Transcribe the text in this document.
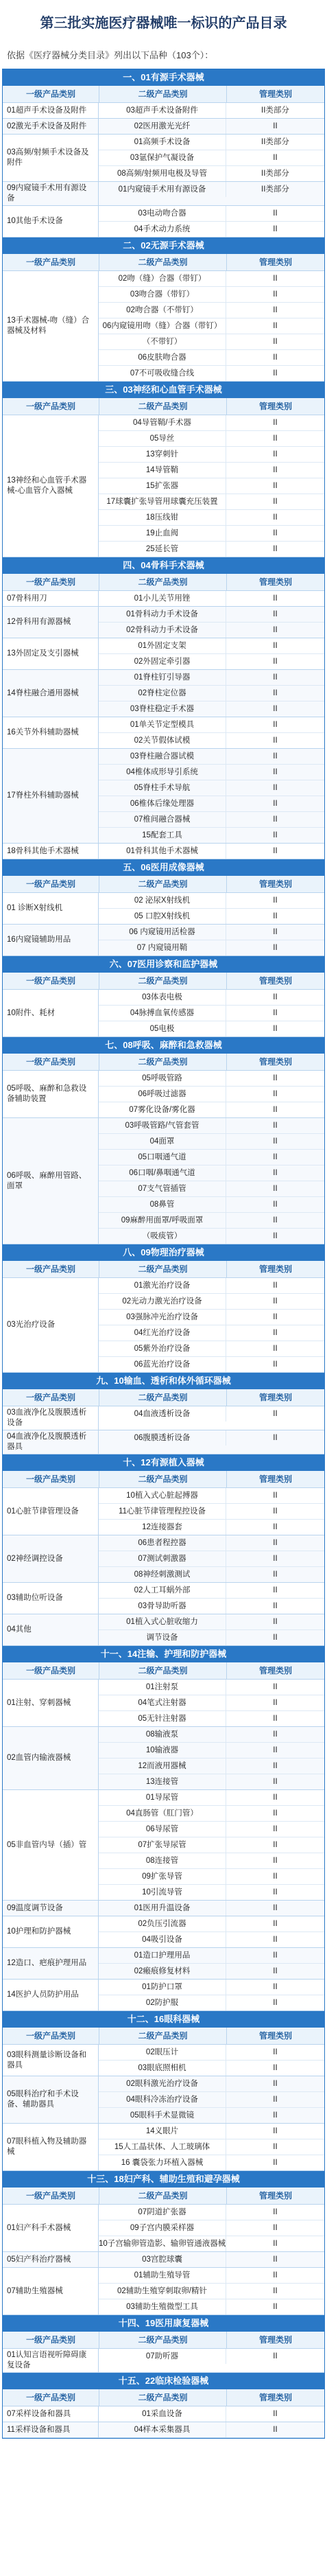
第三批实施医疗器械唯一标识的产品目录
依据《医疗器械分类目录》列出以下品种（103个）：
一、01有源手术器械
一级产品类别	二级产品类别	管理类别
01超声手术设备及附件	03超声手术设备附件	II类部分
02激光手术设备及附件	02医用激光光纤	II
03高频/射频手术设备及附件
01高频手术设备	II类部分
03氩保护气凝设备	II
08高频/射频用电极及导管	II类部分
09内窥镜手术用有源设备
01内窥镜手术用有源设备	II类部分
10其他手术设备
03电动吻合器	II
04手术动力系统	II
二、02无源手术器械
一级产品类别	二级产品类别	管理类别
13手术器械-吻（缝）合器械及材料
02吻（缝）合器（带钉）	II
03吻合器（带钉）	II
02吻合器（不带钉）	II
06内窥镜用吻（缝）合器（带钉）	II
（不带钉）	II
06皮肤吻合器	II
07不可吸收缝合线	II
三、03神经和心血管手术器械
一级产品类别	二级产品类别	管理类别
13神经和心血管手术器械-心血管介入器械
04导管鞘/手术器	II
05导丝	II
13穿刺针	II
14导管鞘	II
15扩张器	II
17球囊扩张导管用球囊充压装置	II
18压线钳	II
19止血阀	II
25延长管	II
四、04骨科手术器械
一级产品类别	二级产品类别	管理类别
07骨科用刀	01小儿关节用锉	II
12骨科用有源器械
01骨科动力手术设备	II
02骨科动力手术设备	II
13外固定及支引器械
01外固定支架	II
02外固定牵引器	II
14脊柱融合通用器械
01脊柱钉引导器	II
02脊柱定位器	II
03脊柱稳定手术器	II
16关节外科辅助器械
01单关节定型模具	II
02关节假体试模	II
17脊柱外科辅助器械
03脊柱融合器试模	II
04椎体成形导引系统	II
05脊柱手术导航	II
06椎体后缘处理器	II
07椎间融合器械	II
15配套工具	II
18骨科其他手术器械	01骨科其他手术器械	II
五、06医用成像器械
一级产品类别	二级产品类别	管理类别
01 诊断X射线机
02 泌尿X射线机	II
05 口腔X射线机	II
16内窥镜辅助用品
06 内窥镜用活检器	II
07 内窥镜用鞘	II
六、07医用诊察和监护器械
一级产品类别	二级产品类别	管理类别
10附件、耗材
03体表电极	II
04脉搏血氧传感器	II
05电极	II
七、08呼吸、麻醉和急救器械
一级产品类别	二级产品类别	管理类别
05呼吸、麻醉和急救设备辅助装置
05呼吸管路	II
06呼吸过滤器	II
07雾化设备/雾化器	II
06呼吸、麻醉用管路、面罩
03呼吸管路/气管套管	II
04面罩	II
05口咽通气道	II
06口咽/鼻咽通气道	II
07支气管插管	II
08鼻管	II
09麻醉用面罩/呼吸面罩	II
（吸痰管）	II
八、09物理治疗器械
一级产品类别	二级产品类别	管理类别
03光治疗设备
01激光治疗设备	II
02光动力激光治疗设备	II
03强脉冲光治疗设备	II
04红光治疗设备	II
05紫外治疗设备	II
06蓝光治疗设备	II
九、10输血、透析和体外循环器械
一级产品类别	二级产品类别	管理类别
03血液净化及腹膜透析设备
04血液透析设备	II
04血液净化及腹膜透析器具
06腹膜透析设备	II
十、12有源植入器械
一级产品类别	二级产品类别	管理类别
01心脏节律管理设备
10植入式心脏起搏器	II
11心脏节律管理程控设备	II
12连接器套	II
02神经调控设备
06患者程控器	II
07测试刺激器	II
08神经刺激测试	II
03辅助位听设备
02人工耳蜗外部	II
03骨导助听器	II
04其他
01植入式心脏收缩力	II
调节设备	II
十一、14注输、护理和防护器械
一级产品类别	二级产品类别	管理类别
01注射、穿刺器械
01注射泵	II
04笔式注射器	II
05无针注射器	II
02血管内输液器械
08输液泵	II
10输液器	II
12而液用器械	II
13连接管	II
05非血管内导（插）管
01导尿管	II
04直肠管（肛门管）	II
06导尿管	II
07扩张导尿管	II
08连接管	II
09扩张导管	II
10引流导管	II
09温度调节设备	01医用升温设备	II
10护理和防护器械
02负压引流器	II
04吸引设备	II
12造口、疤痕护理用品
01造口护理用品	II
02瘢痕修复材料	II
14医护人员防护用品
01防护口罩	II
02防护服	II
十二、16眼科器械
一级产品类别	二级产品类别	管理类别
03眼科测量诊断设备和器具
02眼压计	II
03眼底照相机	II
05眼科治疗和手术设备、辅助器具
02眼科激光治疗设备	II
04眼科冷冻治疗设备	II
05眼科手术显微镜	II
07眼科植入物及辅助器械
14义眼片	II
15人工晶状体、人工玻璃体	II
16 囊袋张力环植入器械	II
十三、18妇产科、辅助生殖和避孕器械
一级产品类别	二级产品类别	管理类别
01妇产科手术器械
07阴道扩张器	II
09子宫内膜采样器	II
10子宫输卵管造影、输卵管通液器械	II
05妇产科治疗器械	03宫腔球囊	II
07辅助生殖器械
01辅助生殖导管	II
02辅助生殖穿刺取卵/精针	II
03辅助生殖微型工具	II
十四、19医用康复器械
一级产品类别	二级产品类别	管理类别
01认知言语视听障碍康复设备
07助听器	II
十五、22临床检验器械
一级产品类别	二级产品类别	管理类别
07采样设备和器具	01采血设备	II
11采样设备和器具	04样本采集器具	II
